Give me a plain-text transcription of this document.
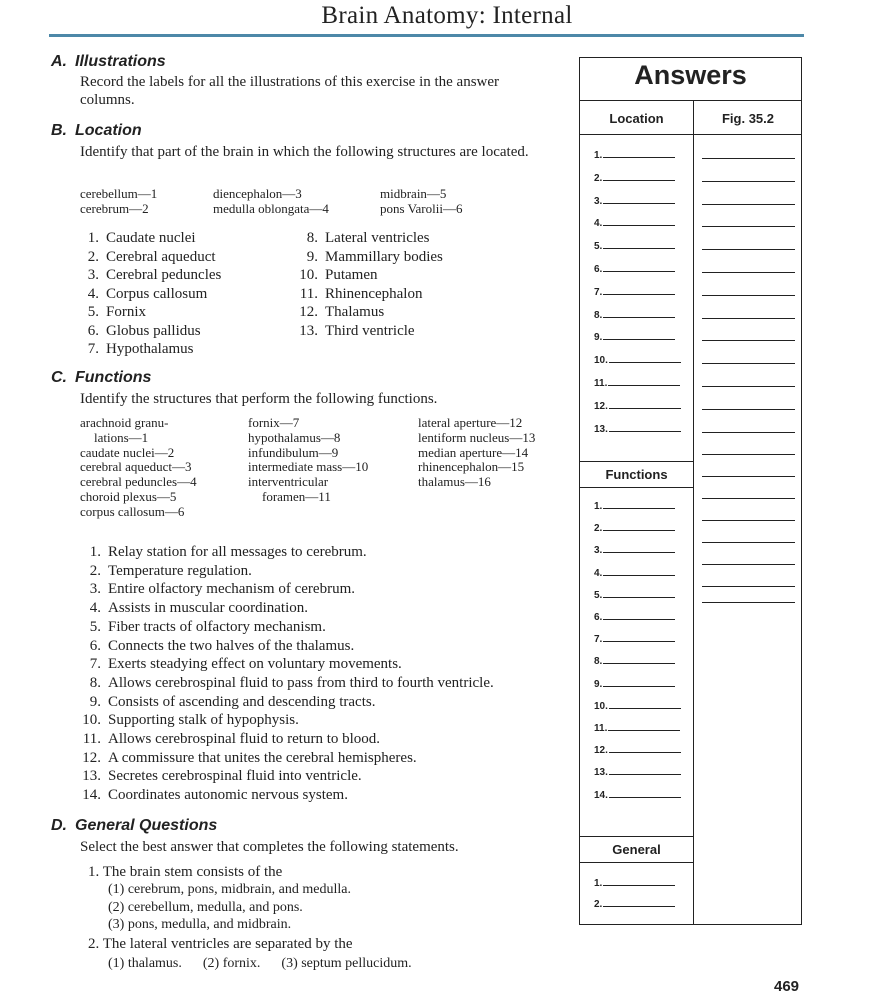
Brain Anatomy: Internal
A. Illustrations
Record the labels for all the illustrations of this exercise in the answer columns.
B. Location
Identify that part of the brain in which the following structures are located.
cerebellum—1	diencephalon—3	midbrain—5
cerebrum—2	medulla oblongata—4	pons Varolii—6
1. Caudate nuclei
2. Cerebral aqueduct
3. Cerebral peduncles
4. Corpus callosum
5. Fornix
6. Globus pallidus
7. Hypothalamus
8. Lateral ventricles
9. Mammillary bodies
10. Putamen
11. Rhinencephalon
12. Thalamus
13. Third ventricle
C. Functions
Identify the structures that perform the following functions.
arachnoid granu-
lations—1
caudate nuclei—2
cerebral aqueduct—3
cerebral peduncles—4
choroid plexus—5
corpus callosum—6
fornix—7
hypothalamus—8
infundibulum—9
intermediate mass—10
interventricular
foramen—11
lateral aperture—12
lentiform nucleus—13
median aperture—14
rhinencephalon—15
thalamus—16
1. Relay station for all messages to cerebrum.
2. Temperature regulation.
3. Entire olfactory mechanism of cerebrum.
4. Assists in muscular coordination.
5. Fiber tracts of olfactory mechanism.
6. Connects the two halves of the thalamus.
7. Exerts steadying effect on voluntary movements.
8. Allows cerebrospinal fluid to pass from third to fourth ventricle.
9. Consists of ascending and descending tracts.
10. Supporting stalk of hypophysis.
11. Allows cerebrospinal fluid to return to blood.
12. A commissure that unites the cerebral hemispheres.
13. Secretes cerebrospinal fluid into ventricle.
14. Coordinates autonomic nervous system.
D. General Questions
Select the best answer that completes the following statements.
1. The brain stem consists of the
(1) cerebrum, pons, midbrain, and medulla.
(2) cerebellum, medulla, and pons.
(3) pons, medulla, and midbrain.
2. The lateral ventricles are separated by the
(1) thalamus.      (2) fornix.      (3) septum pellucidum.
Answers
Location	Fig. 35.2
Functions
General
1.
2.
3.
4.
5.
6.
7.
8.
9.
10.
11.
12.
13.
1.
2.
3.
4.
5.
6.
7.
8.
9.
10.
11.
12.
13.
14.
1.
2.
469
